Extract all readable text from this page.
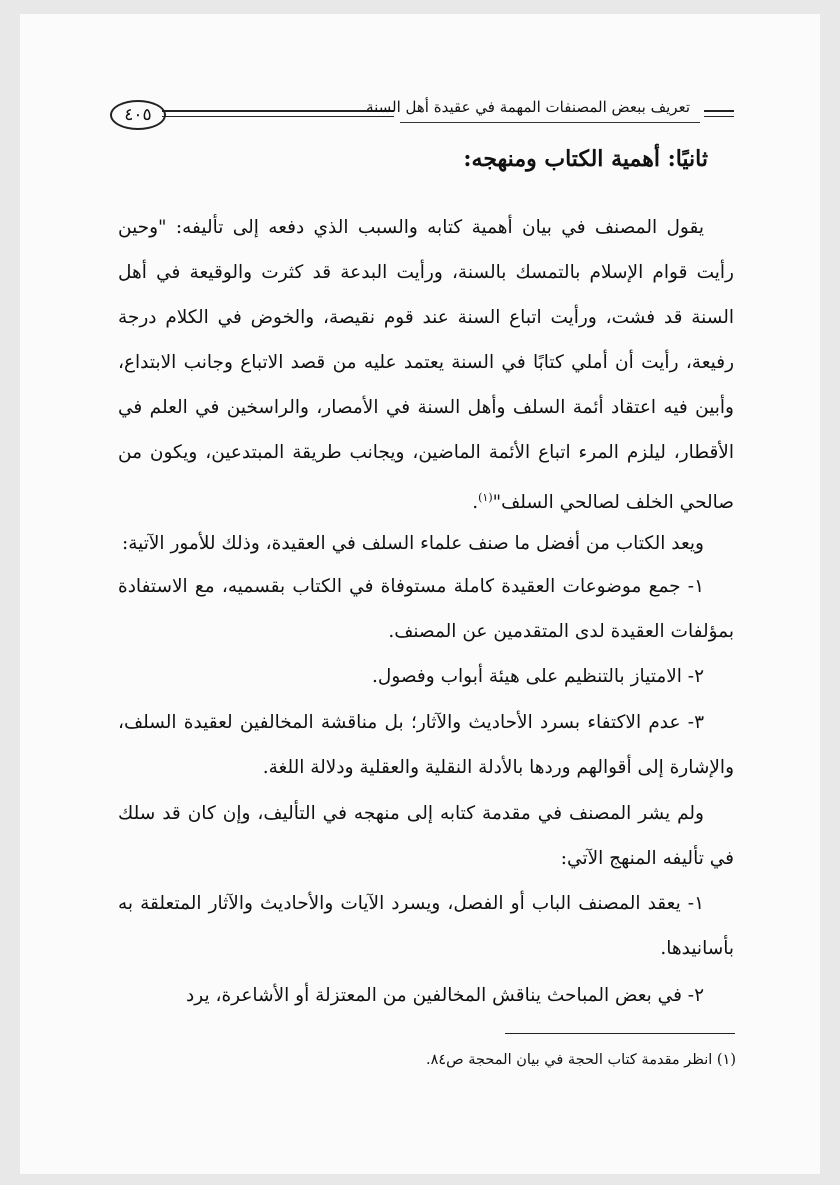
٤٠٥	تعريف ببعض المصنفات المهمة في عقيدة أهل السنة
ثانيًا: أهمية الكتاب ومنهجه:

يقول المصنف في بيان أهمية كتابه والسبب الذي دفعه إلى تأليفه: "وحين رأيت قوام الإسلام بالتمسك بالسنة، ورأيت البدعة قد كثرت والوقيعة في أهل السنة قد فشت، ورأيت اتباع السنة عند قوم نقيصة، والخوض في الكلام درجة رفيعة، رأيت أن أملي كتابًا في السنة يعتمد عليه من قصد الاتباع وجانب الابتداع، وأبين فيه اعتقاد أئمة السلف وأهل السنة في الأمصار، والراسخين في العلم في الأقطار، ليلزم المرء اتباع الأئمة الماضين، ويجانب طريقة المبتدعين، ويكون من صالحي الخلف لصالحي السلف"$^{(١)}$.

ويعد الكتاب من أفضل ما صنف علماء السلف في العقيدة، وذلك للأمور الآتية:

١- جمع موضوعات العقيدة كاملة مستوفاة في الكتاب بقسميه، مع الاستفادة بمؤلفات العقيدة لدى المتقدمين عن المصنف.

٢- الامتياز بالتنظيم على هيئة أبواب وفصول.

٣- عدم الاكتفاء بسرد الأحاديث والآثار؛ بل مناقشة المخالفين لعقيدة السلف، والإشارة إلى أقوالهم وردها بالأدلة النقلية والعقلية ودلالة اللغة.

ولم يشر المصنف في مقدمة كتابه إلى منهجه في التأليف، وإن كان قد سلك في تأليفه المنهج الآتي:

١- يعقد المصنف الباب أو الفصل، ويسرد الآيات والأحاديث والآثار المتعلقة به بأسانيدها.

٢- في بعض المباحث يناقش المخالفين من المعتزلة أو الأشاعرة، يرد

(١) انظر مقدمة كتاب الحجة في بيان المحجة ص٨٤.
